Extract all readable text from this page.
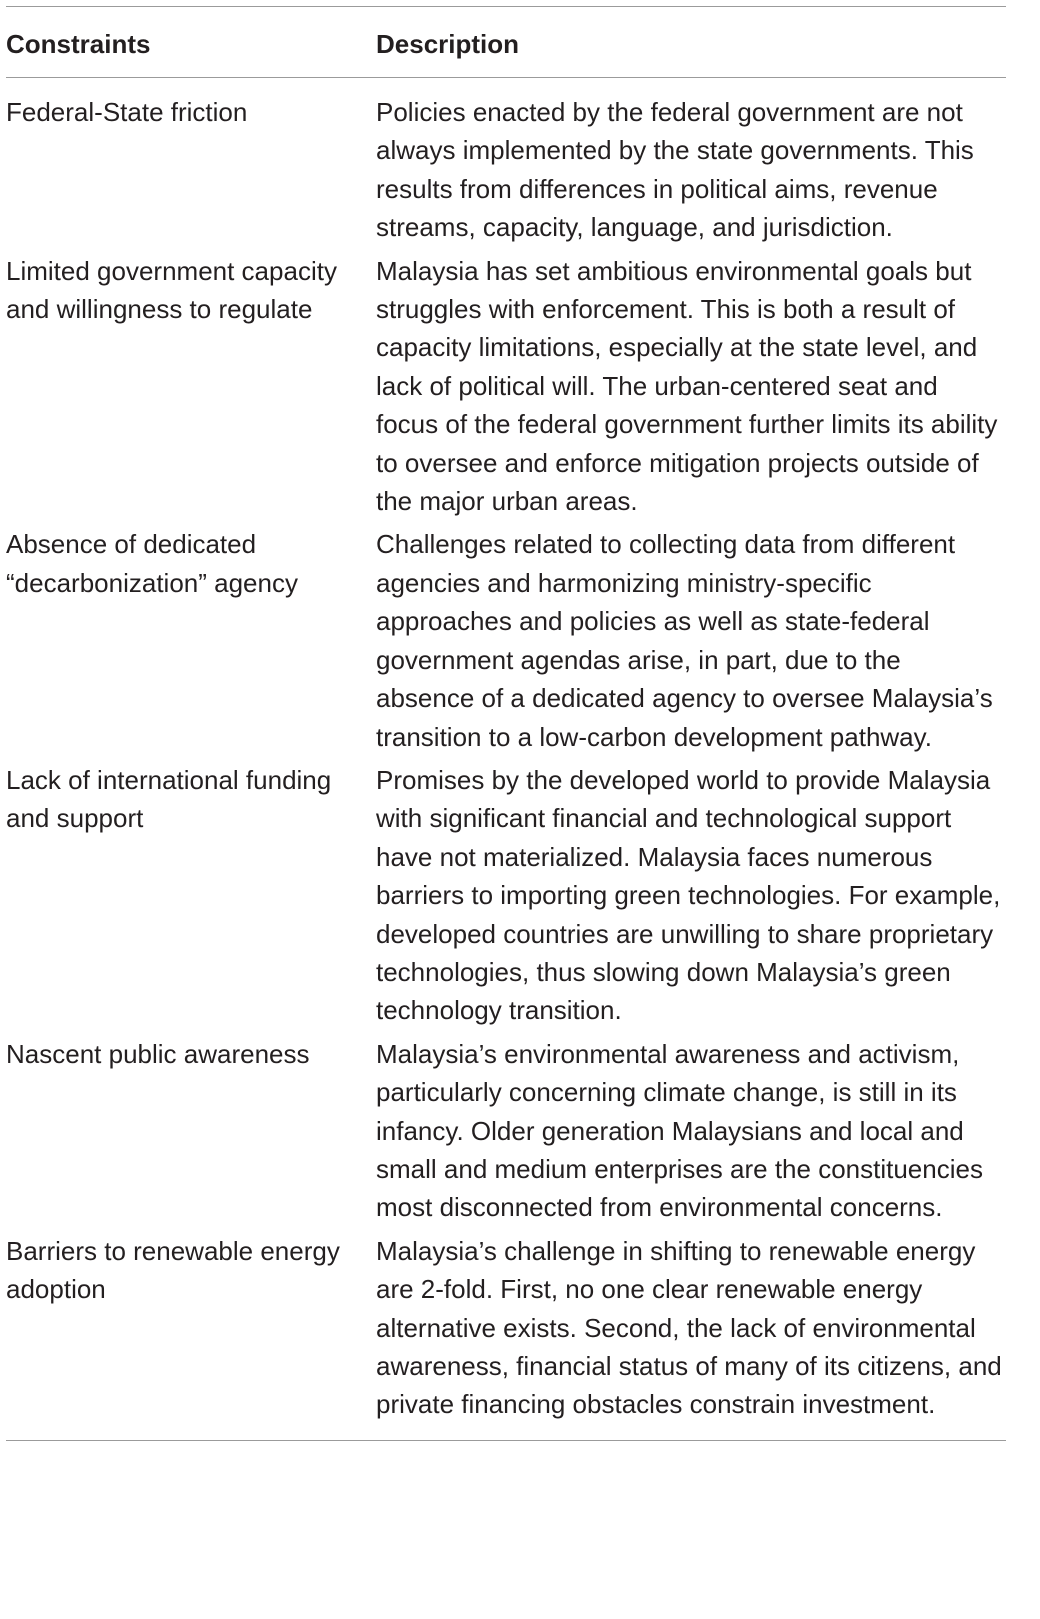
Constraints	Description
Federal-State friction	Policies enacted by the federal government are not always implemented by the state governments. This results from differences in political aims, revenue streams, capacity, language, and jurisdiction.
Limited government capacity and willingness to regulate	Malaysia has set ambitious environmental goals but struggles with enforcement. This is both a result of capacity limitations, especially at the state level, and lack of political will. The urban-centered seat and focus of the federal government further limits its ability to oversee and enforce mitigation projects outside of the major urban areas.
Absence of dedicated “decarbonization” agency	Challenges related to collecting data from different agencies and harmonizing ministry-specific approaches and policies as well as state-federal government agendas arise, in part, due to the absence of a dedicated agency to oversee Malaysia’s transition to a low-carbon development pathway.
Lack of international funding and support	Promises by the developed world to provide Malaysia with significant financial and technological support have not materialized. Malaysia faces numerous barriers to importing green technologies. For example, developed countries are unwilling to share proprietary technologies, thus slowing down Malaysia’s green technology transition.
Nascent public awareness	Malaysia’s environmental awareness and activism, particularly concerning climate change, is still in its infancy. Older generation Malaysians and local and small and medium enterprises are the constituencies most disconnected from environmental concerns.
Barriers to renewable energy adoption	Malaysia’s challenge in shifting to renewable energy are 2-fold. First, no one clear renewable energy alternative exists. Second, the lack of environmental awareness, financial status of many of its citizens, and private financing obstacles constrain investment.
